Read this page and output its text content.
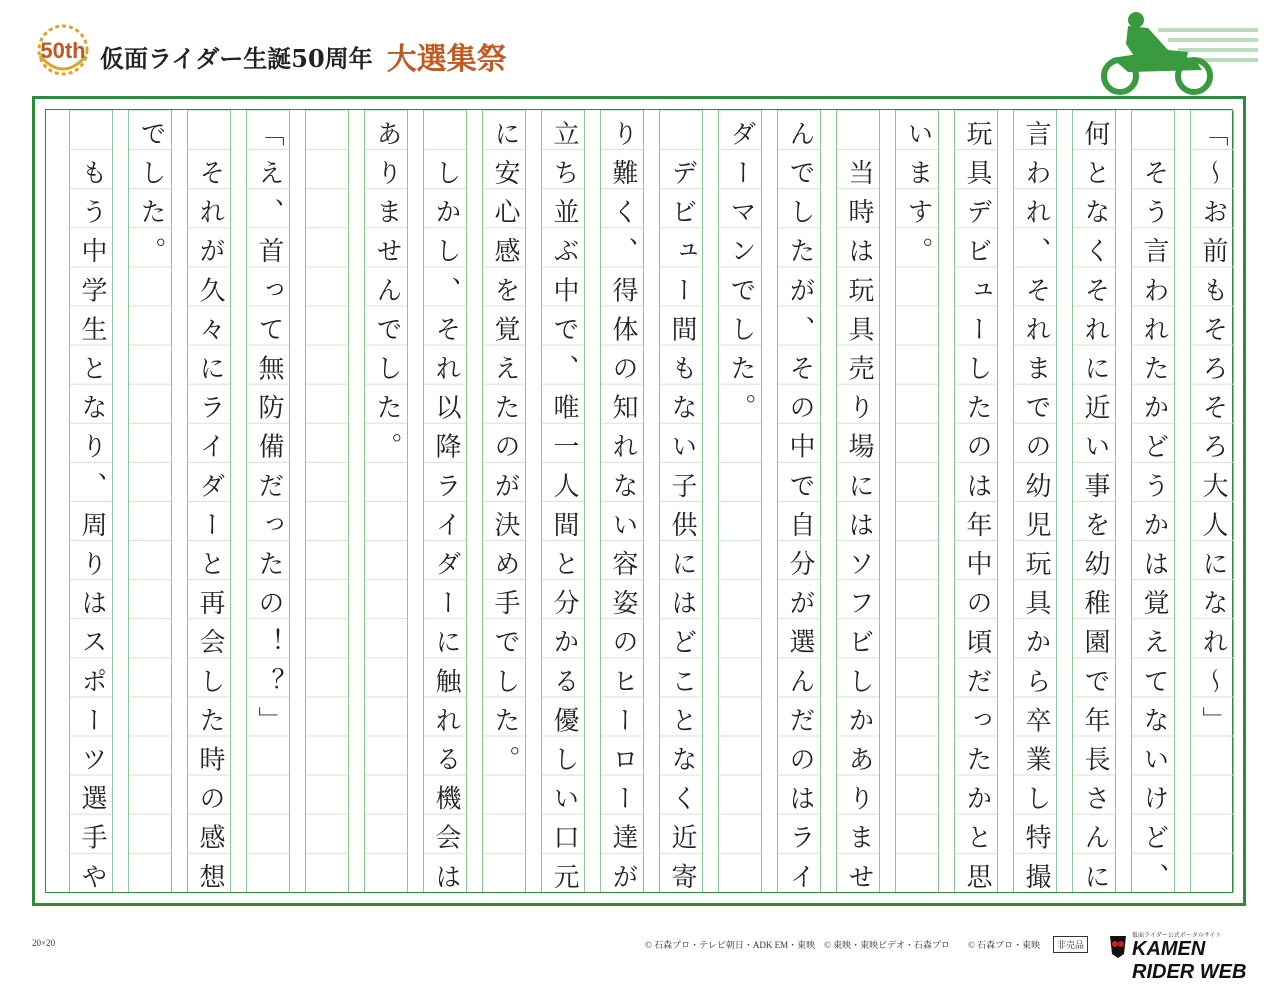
50th 仮面ライダー生誕50周年 大選集祭
「～お前もそろそろ大人になれ～」
　そう言われたかどうかは覚えてないけど、
何となくそれに近い事を幼稚園で年長さんに
言われ、それまでの幼児玩具から卒業し特撮
玩具デビューしたのは年中の頃だったかと思
います。
　当時は玩具売り場にはソフビしかありませ
んでしたが、その中で自分が選んだのはライ
ダーマンでした。
　デビュー間もない子供にはどことなく近寄
り難く、得体の知れない容姿のヒーロー達が
立ち並ぶ中で、唯一人間と分かる優しい口元
に安心感を覚えたのが決め手でした。
　しかし、それ以降ライダーに触れる機会は
ありませんでした。
「え、首って無防備だったの！？」
　それが久々にライダーと再会した時の感想
でした。
　もう中学生となり、周りはスポーツ選手や
20×20	© 石森プロ・テレビ朝日・ADK EM・東映 © 東映・東映ビデオ・石森プロ © 石森プロ・東映	非売品
仮面ライダー公式ポータルサイト
KAMEN RIDER WEB
